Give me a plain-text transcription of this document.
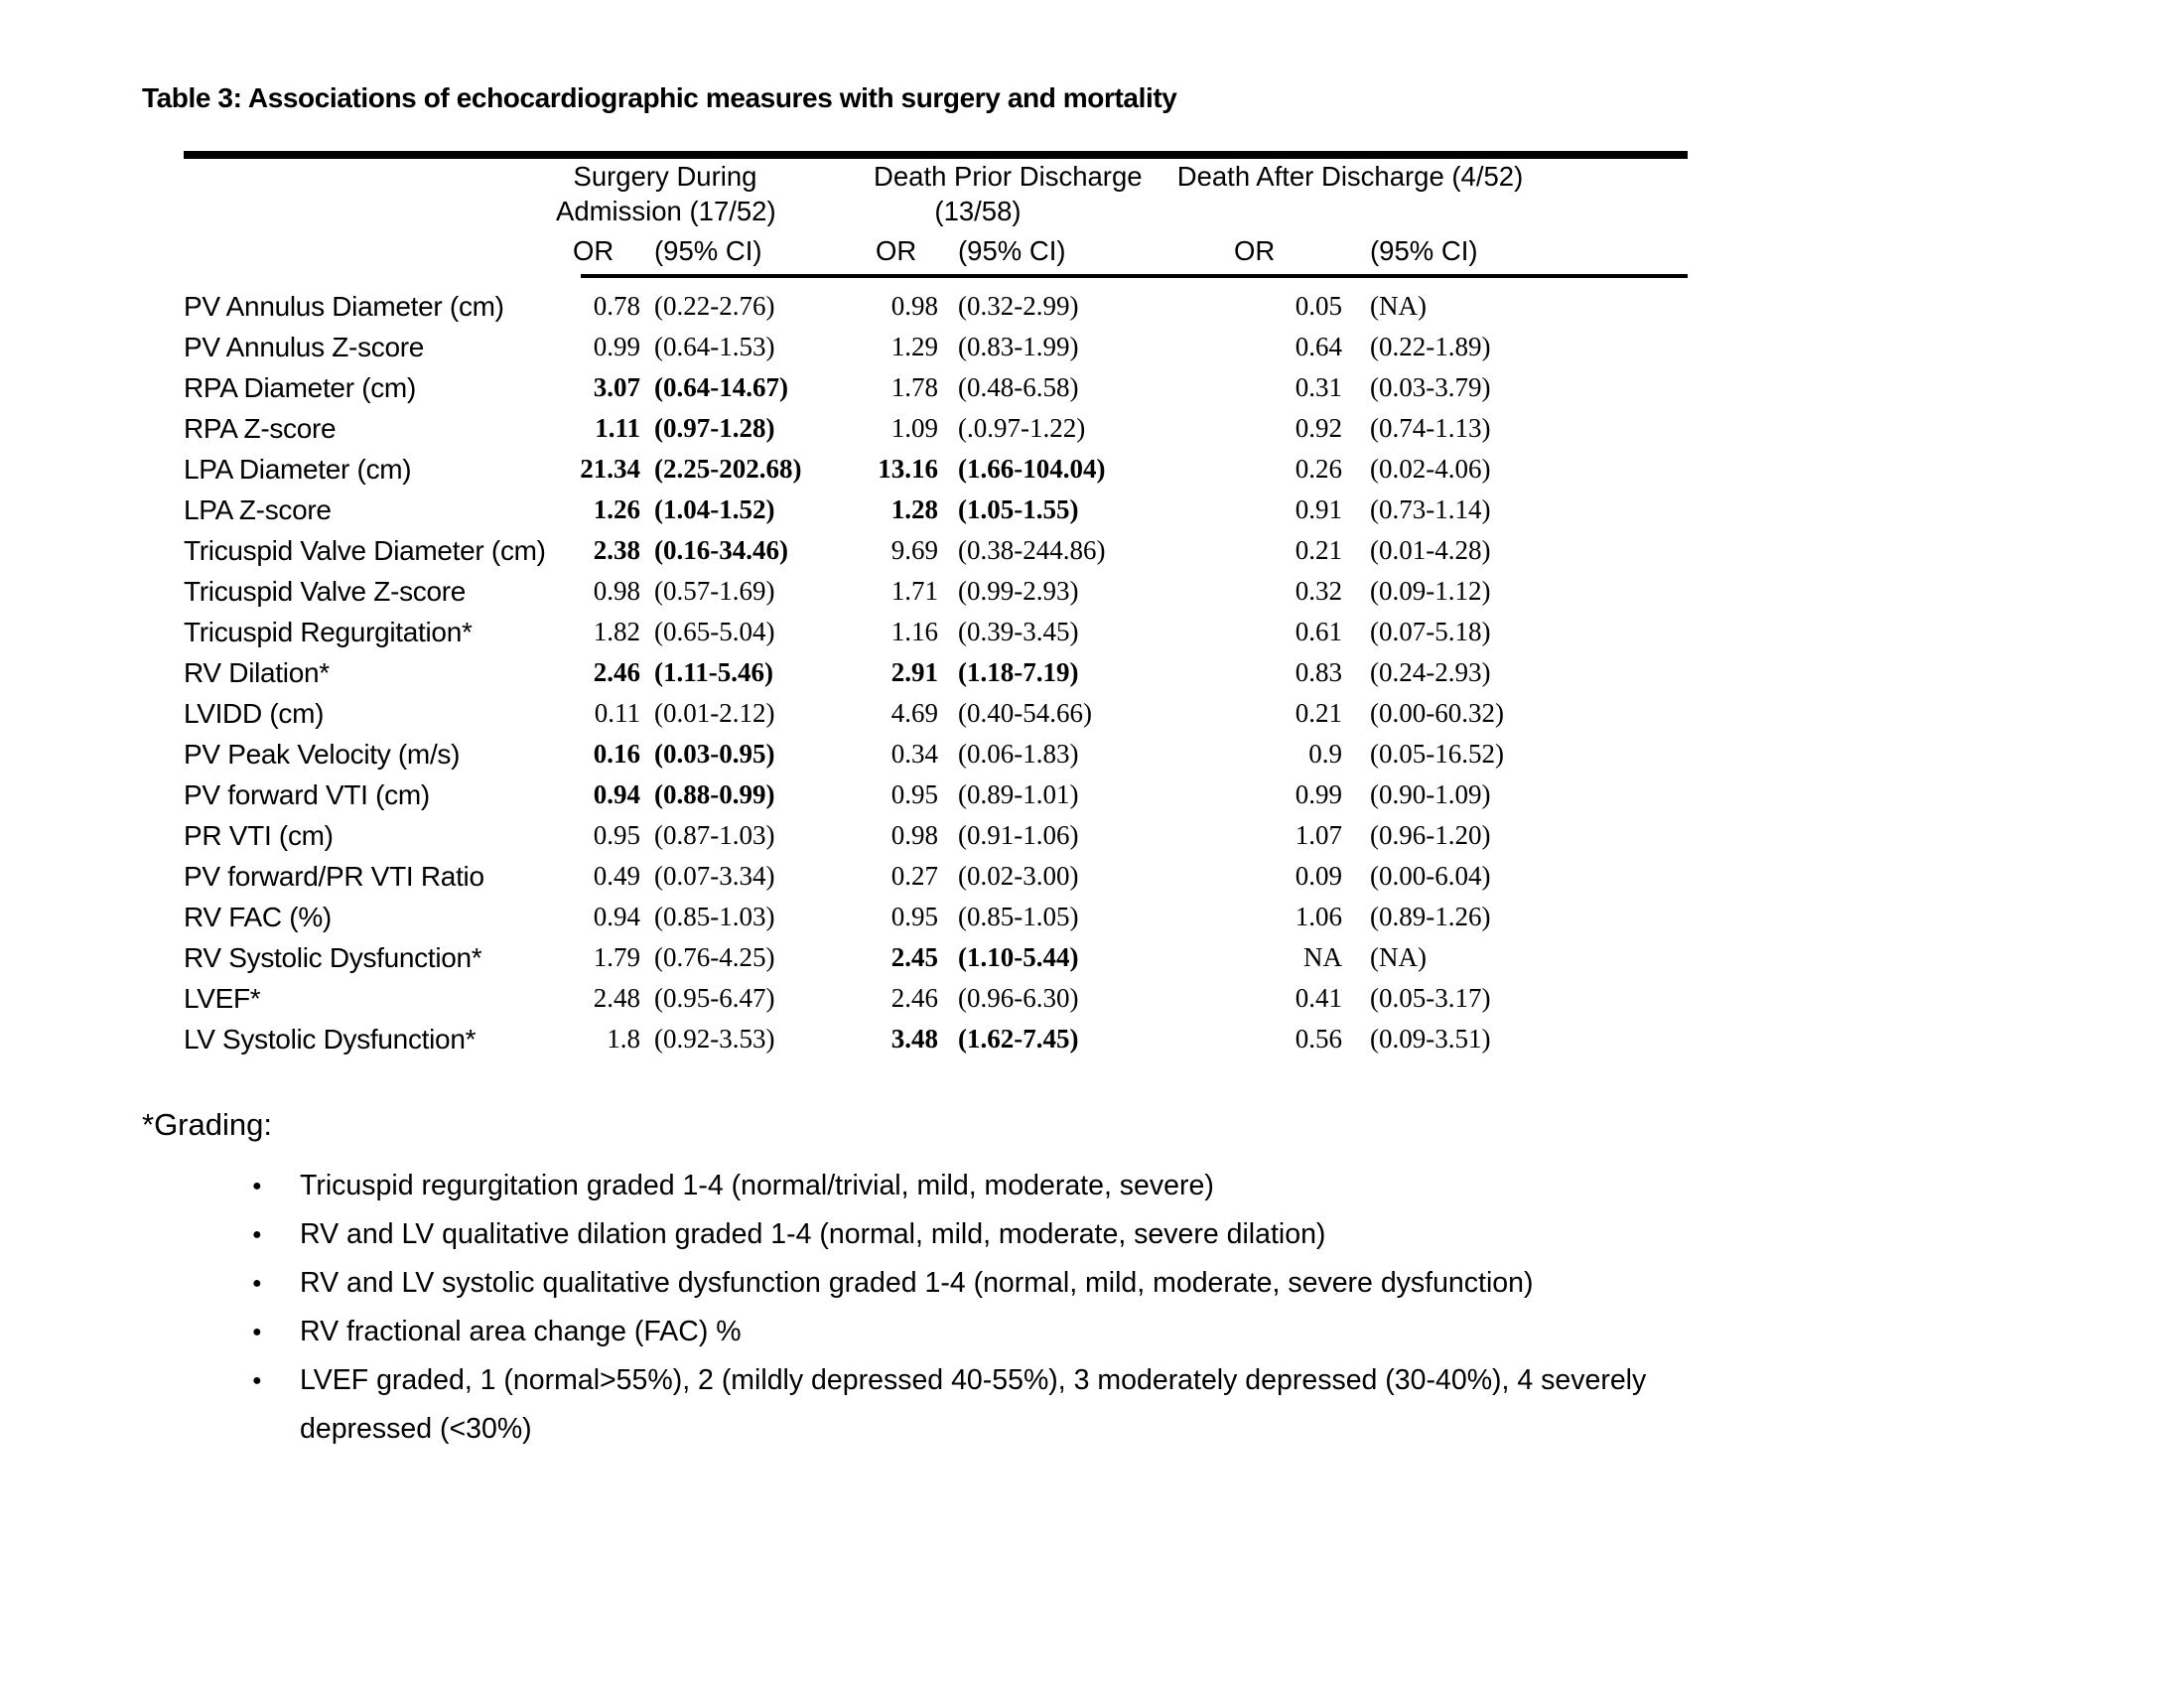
Table 3: Associations of echocardiographic measures with surgery and mortality
Surgery During	Death Prior Discharge	Death After Discharge (4/52)
Admission (17/52)	(13/58)
OR	(95% CI)	OR	(95% CI)	OR	(95% CI)
PV Annulus Diameter (cm)	0.78 (0.22-2.76)	0.98 (0.32-2.99)	0.05	(NA)
PV Annulus Z-score	0.99 (0.64-1.53)	1.29 (0.83-1.99)	0.64	(0.22-1.89)
RPA Diameter (cm)	3.07 (0.64-14.67)	1.78 (0.48-6.58)	0.31	(0.03-3.79)
RPA Z-score	1.11 (0.97-1.28)	1.09 (.0.97-1.22)	0.92	(0.74-1.13)
LPA Diameter (cm)	21.34 (2.25-202.68)	13.16 (1.66-104.04)	0.26	(0.02-4.06)
LPA Z-score	1.26 (1.04-1.52)	1.28 (1.05-1.55)	0.91	(0.73-1.14)
Tricuspid Valve Diameter (cm)	2.38 (0.16-34.46)	9.69 (0.38-244.86)	0.21	(0.01-4.28)
Tricuspid Valve Z-score	0.98 (0.57-1.69)	1.71 (0.99-2.93)	0.32	(0.09-1.12)
Tricuspid Regurgitation*	1.82 (0.65-5.04)	1.16 (0.39-3.45)	0.61	(0.07-5.18)
RV Dilation*	2.46 (1.11-5.46)	2.91 (1.18-7.19)	0.83	(0.24-2.93)
LVIDD (cm)	0.11 (0.01-2.12)	4.69 (0.40-54.66)	0.21	(0.00-60.32)
PV Peak Velocity (m/s)	0.16 (0.03-0.95)	0.34 (0.06-1.83)	0.9	(0.05-16.52)
PV forward VTI (cm)	0.94 (0.88-0.99)	0.95 (0.89-1.01)	0.99	(0.90-1.09)
PR VTI (cm)	0.95 (0.87-1.03)	0.98 (0.91-1.06)	1.07	(0.96-1.20)
PV forward/PR VTI Ratio	0.49 (0.07-3.34)	0.27 (0.02-3.00)	0.09	(0.00-6.04)
RV FAC (%)	0.94 (0.85-1.03)	0.95 (0.85-1.05)	1.06	(0.89-1.26)
RV Systolic Dysfunction*	1.79 (0.76-4.25)	2.45 (1.10-5.44)	NA	(NA)
LVEF*	2.48 (0.95-6.47)	2.46 (0.96-6.30)	0.41	(0.05-3.17)
LV Systolic Dysfunction*	1.8 (0.92-3.53)	3.48 (1.62-7.45)	0.56	(0.09-3.51)
*Grading:
● Tricuspid regurgitation graded 1-4 (normal/trivial, mild, moderate, severe)
● RV and LV qualitative dilation graded 1-4 (normal, mild, moderate, severe dilation)
● RV and LV systolic qualitative dysfunction graded 1-4 (normal, mild, moderate, severe dysfunction)
● RV fractional area change (FAC) %
● LVEF graded, 1 (normal>55%), 2 (mildly depressed 40-55%), 3 moderately depressed (30-40%), 4 severely depressed (<30%)
